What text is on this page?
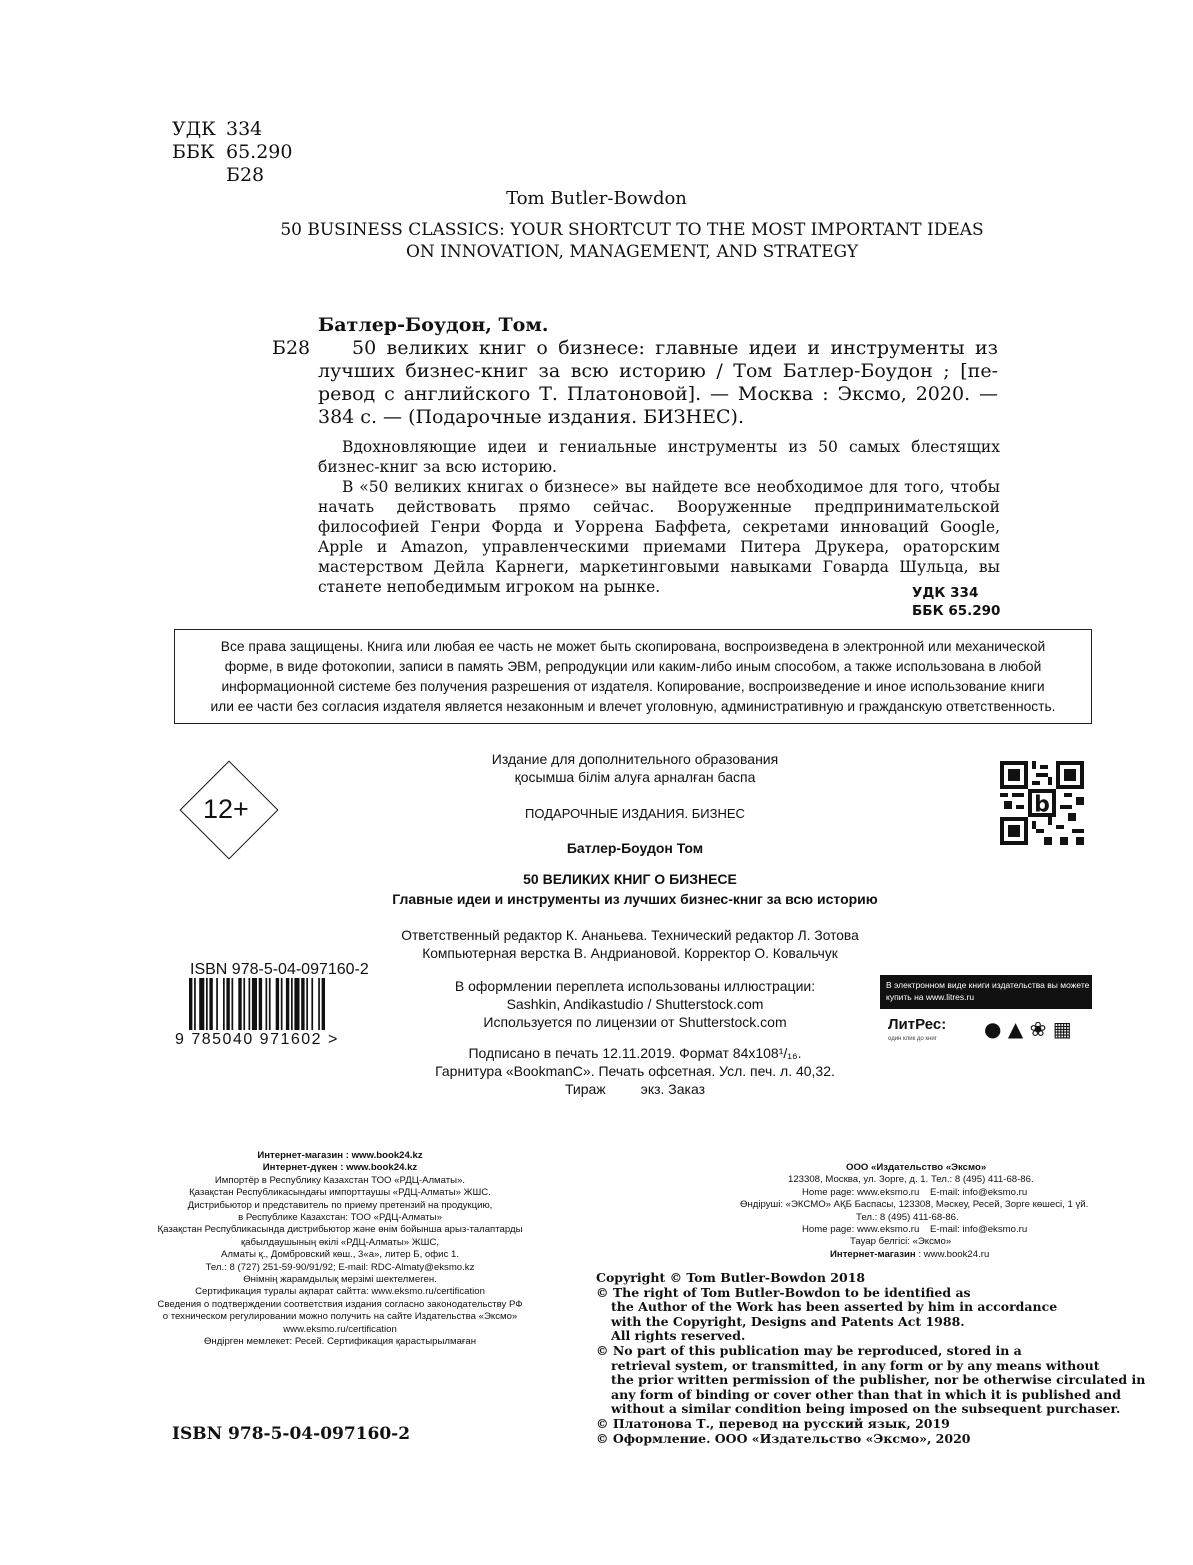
УДК 334
ББК 65.290
Б28
Tom Butler-Bowdon
50 BUSINESS CLASSICS: YOUR SHORTCUT TO THE MOST IMPORTANT IDEAS
ON INNOVATION, MANAGEMENT, AND STRATEGY
Батлер-Боудон, Том.
Б28	50 великих книг о бизнесе: главные идеи и инструменты из
лучших бизнес-книг за всю историю / Том Батлер-Боудон ; [пе-
ревод с английского Т. Платоновой]. — Москва : Эксмо, 2020. —
384 с. — (Подарочные издания. БИЗНЕС).

Вдохновляющие идеи и гениальные инструменты из 50 самых блестящих бизнес-книг за всю историю.

В «50 великих книгах о бизнесе» вы найдете все необходимое для того, чтобы начать действовать прямо сейчас. Вооруженные предпринимательской философией Генри Форда и Уоррена Баффета, секретами инноваций Google, Apple и Amazon, управленческими приемами Питера Друкера, ораторским мастерством Дейла Карнеги, маркетинговыми навыками Говарда Шульца, вы станете непобедимым игроком на рынке.	УДК 334
ББК 65.290
Все права защищены. Книга или любая ее часть не может быть скопирована, воспроизведена в электронной или механической
форме, в виде фотокопии, записи в память ЭВМ, репродукции или каким-либо иным способом, а также использована в любой
информационной системе без получения разрешения от издателя. Копирование, воспроизведение и иное использование книги
или ее части без согласия издателя является незаконным и влечет уголовную, административную и гражданскую ответственность.
12+
Издание для дополнительного образования
қосымша білім алуға арналған баспа
ПОДАРОЧНЫЕ ИЗДАНИЯ. БИЗНЕС
Батлер-Боудон Том
50 ВЕЛИКИХ КНИГ О БИЗНЕСЕ
Главные идеи и инструменты из лучших бизнес-книг за всю историю
Ответственный редактор К. Ананьева. Технический редактор Л. Зотова
Компьютерная верстка В. Андриановой. Корректор О. Ковальчук
ISBN 978-5-04-097160-2
9 785040 971602 >
В оформлении переплета использованы иллюстрации:
Sashkin, Andikastudio / Shutterstock.com
Используется по лицензии от Shutterstock.com
Подписано в печать 12.11.2019. Формат 84x108¹/₁₆.
Гарнитура «BookmanC». Печать офсетная. Усл. печ. л. 40,32.
Тираж         экз. Заказ
b
В электронном виде книги издательства вы можете
купить на www.litres.ru
ЛитРес:
один клик до книг ● ▲ ❀ ▦
Интернет-магазин : www.book24.kz
Интернет-дүкен : www.book24.kz
Импортёр в Республику Казахстан ТОО «РДЦ-Алматы».
Қазақстан Республикасындағы импорттаушы «РДЦ-Алматы» ЖШС.
Дистрибьютор и представитель по приему претензий на продукцию,
в Республике Казахстан: ТОО «РДЦ-Алматы»
Қазақстан Республикасында дистрибьютор және өнім бойынша арыз-талаптарды
қабылдаушының өкілі «РДЦ-Алматы» ЖШС,
Алматы қ., Домбровский көш., 3«а», литер Б, офис 1.
Тел.: 8 (727) 251-59-90/91/92; E-mail: RDC-Almaty@eksmo.kz
Өнімнің жарамдылық мерзімі шектелмеген.
Сертификация туралы ақпарат сайтта: www.eksmo.ru/certification
Сведения о подтверждении соответствия издания согласно законодательству РФ
о техническом регулировании можно получить на сайте Издательства «Эксмо»
www.eksmo.ru/certification
Өндірген мемлекет: Ресей. Сертификация қарастырылмаған
ООО «Издательство «Эксмо»
123308, Москва, ул. Зорге, д. 1. Тел.: 8 (495) 411-68-86.
Home page: www.eksmo.ru E-mail: info@eksmo.ru
Өндіруші: «ЭКСМО» АҚБ Баспасы, 123308, Мәскеу, Ресей, Зорге көшесі, 1 үй.
Тел.: 8 (495) 411-68-86.
Home page: www.eksmo.ru E-mail: info@eksmo.ru
Тауар белгісі: «Эксмо»
Интернет-магазин : www.book24.ru
Copyright © Tom Butler-Bowdon 2018
© The right of Tom Butler-Bowdon to be identified as
the Author of the Work has been asserted by him in accordance
with the Copyright, Designs and Patents Act 1988.
All rights reserved.
© No part of this publication may be reproduced, stored in a
retrieval system, or transmitted, in any form or by any means without
the prior written permission of the publisher, nor be otherwise circulated in
any form of binding or cover other than that in which it is published and
without a similar condition being imposed on the subsequent purchaser.
© Платонова Т., перевод на русский язык, 2019
© Оформление. ООО «Издательство «Эксмо», 2020
ISBN 978-5-04-097160-2
